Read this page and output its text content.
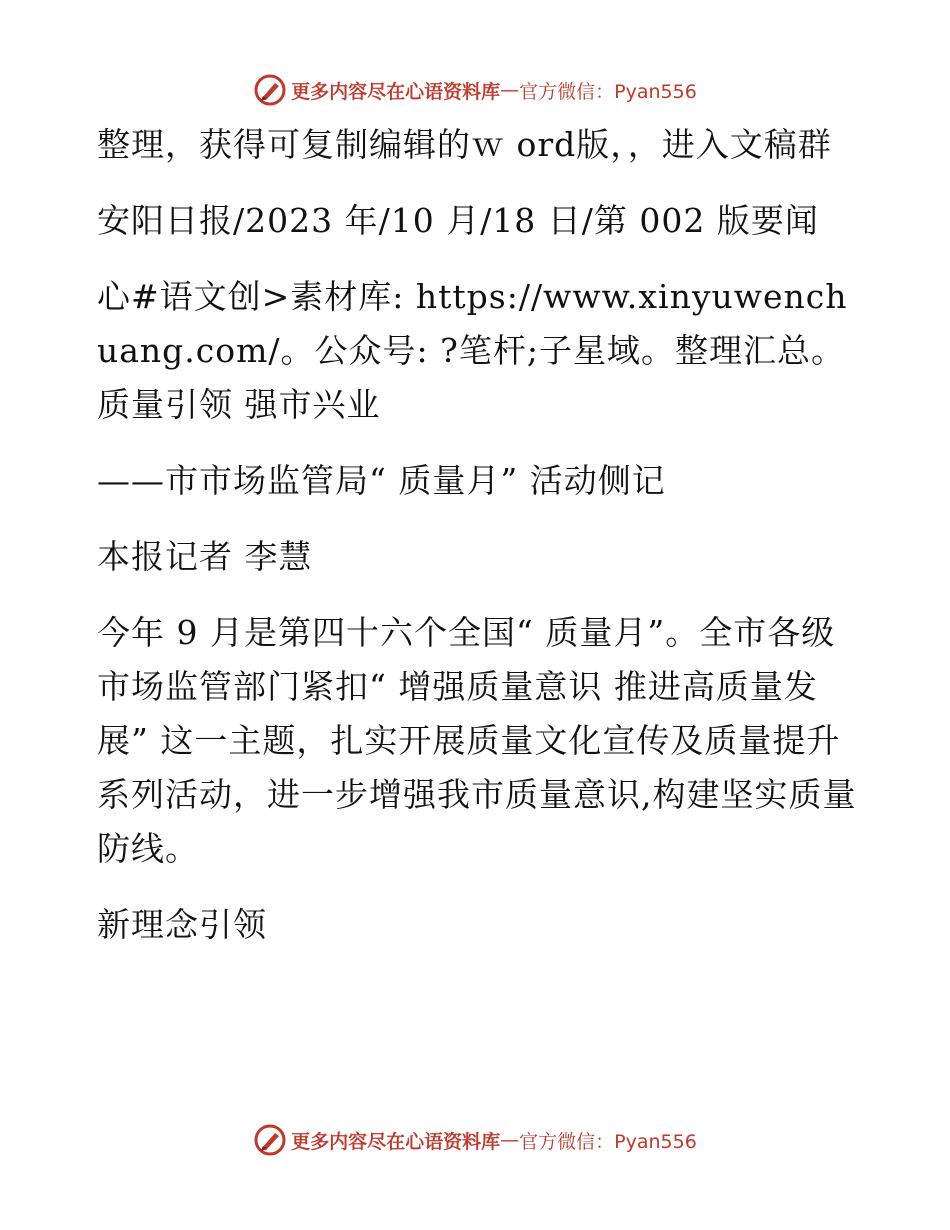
更多内容尽在心语资料库 — 官方微信：Pyan556

整理，获得可复制编辑的ｗ ord版，，进入文稿群

安阳日报/2023 年/10 月/18 日/第 002 版要闻

心#语文创>素材库: https://www.xinyuwenchuang.com/。公众号: ?笔杆;子星域。整理汇总。质量引领 强市兴业

——市市场监管局“ 质量月” 活动侧记

本报记者 李慧

今年 9 月是第四十六个全国“ 质量月”。全市各级市场监管部门紧扣“ 增强质量意识 推进高质量发展” 这一主题，扎实开展质量文化宣传及质量提升系列活动，进一步增强我市质量意识,构建坚实质量防线。

新理念引领

更多内容尽在心语资料库 — 官方微信：Pyan556
